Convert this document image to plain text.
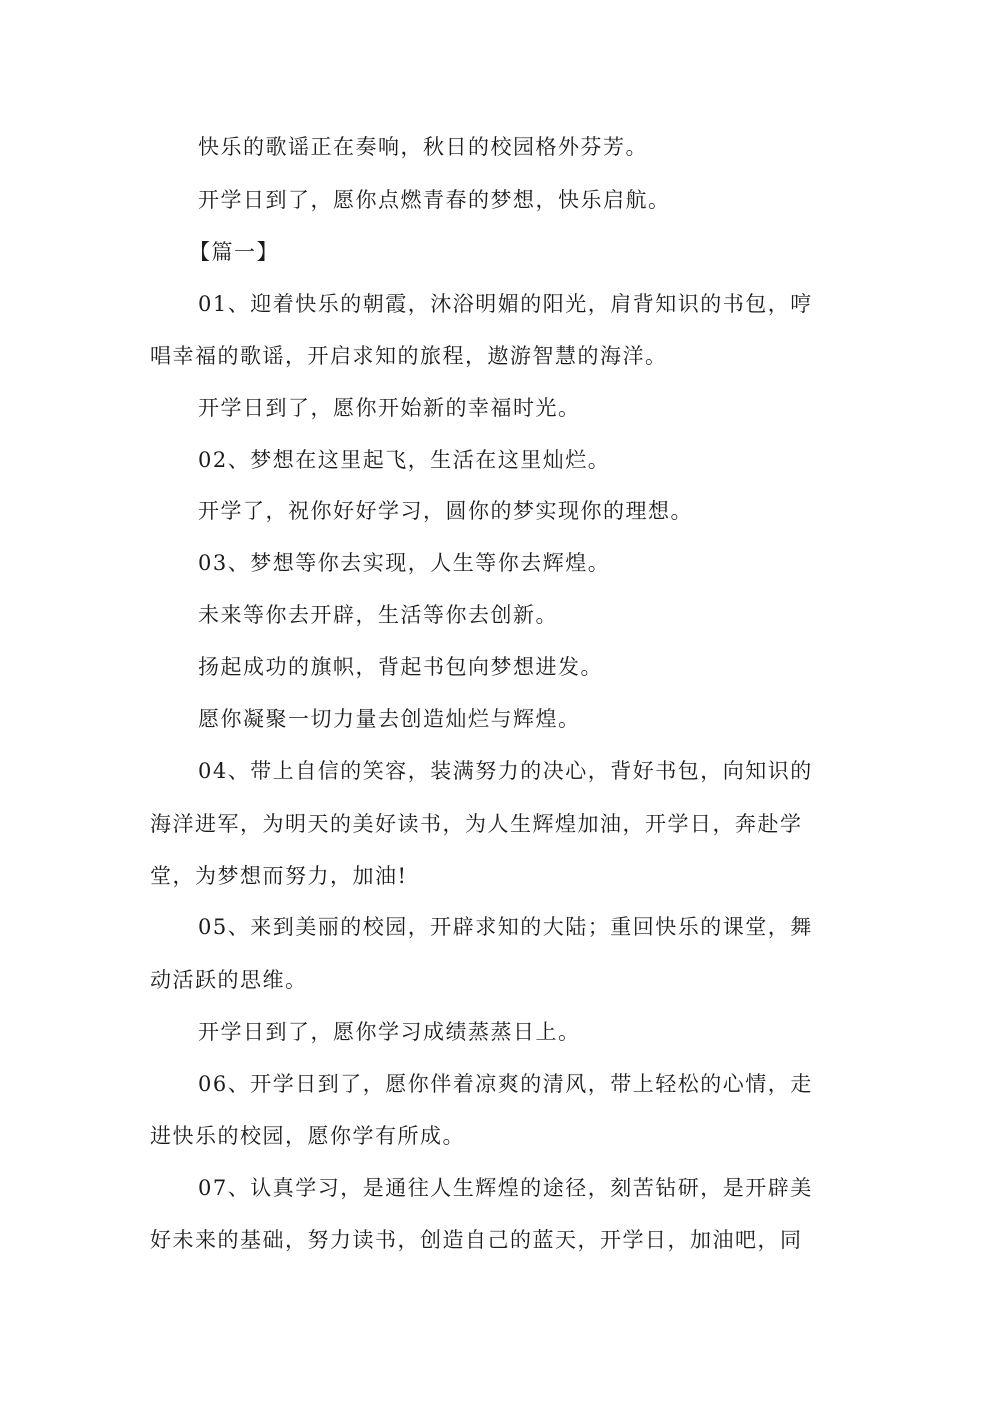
快乐的歌谣正在奏响，秋日的校园格外芬芳。
开学日到了，愿你点燃青春的梦想，快乐启航。
【篇一】
01、迎着快乐的朝霞，沐浴明媚的阳光，肩背知识的书包，哼
唱幸福的歌谣，开启求知的旅程，遨游智慧的海洋。
开学日到了，愿你开始新的幸福时光。
02、梦想在这里起飞，生活在这里灿烂。
开学了，祝你好好学习，圆你的梦实现你的理想。
03、梦想等你去实现，人生等你去辉煌。
未来等你去开辟，生活等你去创新。
扬起成功的旗帜，背起书包向梦想进发。
愿你凝聚一切力量去创造灿烂与辉煌。
04、带上自信的笑容，装满努力的决心，背好书包，向知识的
海洋进军，为明天的美好读书，为人生辉煌加油，开学日，奔赴学
堂，为梦想而努力，加油!
05、来到美丽的校园，开辟求知的大陆；重回快乐的课堂，舞
动活跃的思维。
开学日到了，愿你学习成绩蒸蒸日上。
06、开学日到了，愿你伴着凉爽的清风，带上轻松的心情，走
进快乐的校园，愿你学有所成。
07、认真学习，是通往人生辉煌的途径，刻苦钻研，是开辟美
好未来的基础，努力读书，创造自己的蓝天，开学日，加油吧，同
